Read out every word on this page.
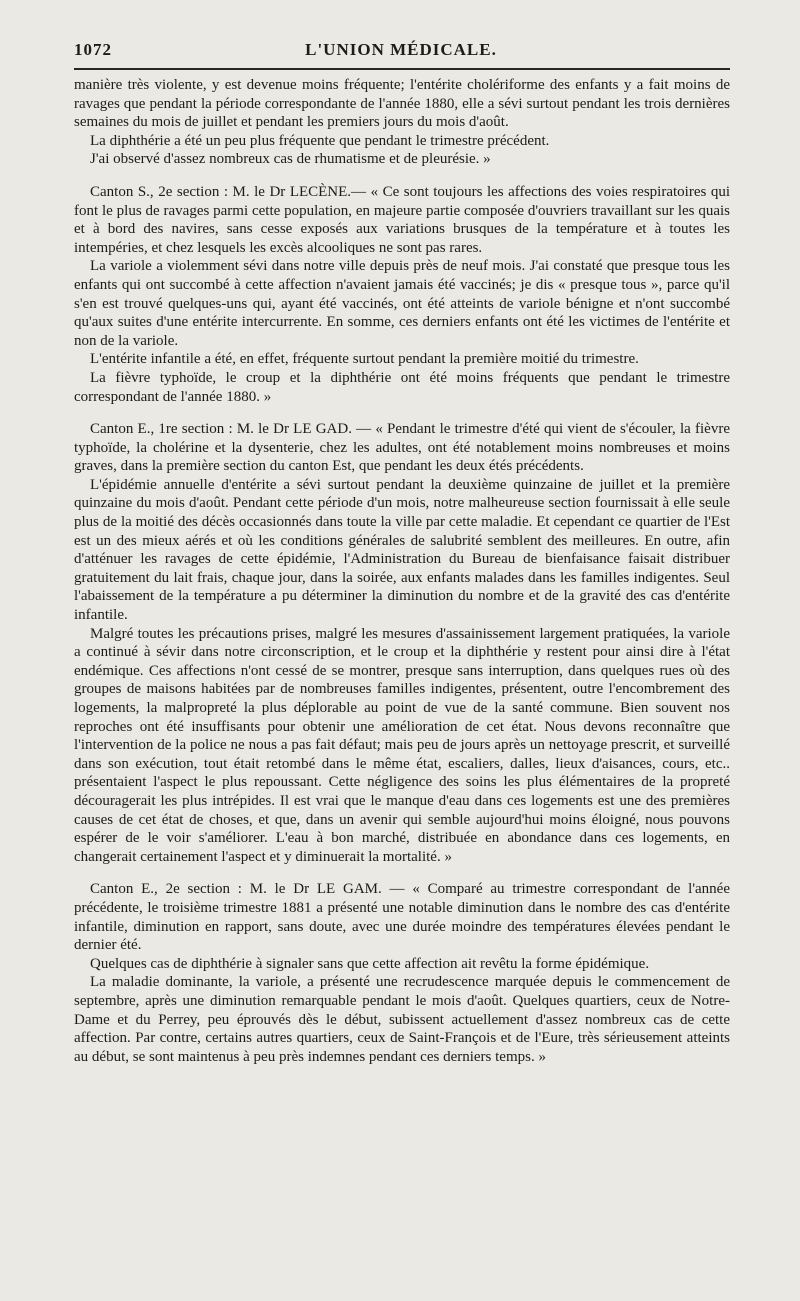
1072	L'UNION MÉDICALE.

manière très violente, y est devenue moins fréquente; l'entérite cholériforme des enfants y a fait moins de ravages que pendant la période correspondante de l'année 1880, elle a sévi surtout pendant les trois dernières semaines du mois de juillet et pendant les premiers jours du mois d'août.

La diphthérie a été un peu plus fréquente que pendant le trimestre précédent.

J'ai observé d'assez nombreux cas de rhumatisme et de pleurésie. »

Canton S., 2e section : M. le Dr LECÈNE.— « Ce sont toujours les affections des voies respiratoires qui font le plus de ravages parmi cette population, en majeure partie composée d'ouvriers travaillant sur les quais et à bord des navires, sans cesse exposés aux variations brusques de la température et à toutes les intempéries, et chez lesquels les excès alcooliques ne sont pas rares.

La variole a violemment sévi dans notre ville depuis près de neuf mois. J'ai constaté que presque tous les enfants qui ont succombé à cette affection n'avaient jamais été vaccinés; je dis « presque tous », parce qu'il s'en est trouvé quelques-uns qui, ayant été vaccinés, ont été atteints de variole bénigne et n'ont succombé qu'aux suites d'une entérite intercurrente. En somme, ces derniers enfants ont été les victimes de l'entérite et non de la variole.

L'entérite infantile a été, en effet, fréquente surtout pendant la première moitié du trimestre.

La fièvre typhoïde, le croup et la diphthérie ont été moins fréquents que pendant le trimestre correspondant de l'année 1880. »

Canton E., 1re section : M. le Dr LE GAD. — « Pendant le trimestre d'été qui vient de s'écouler, la fièvre typhoïde, la cholérine et la dysenterie, chez les adultes, ont été notablement moins nombreuses et moins graves, dans la première section du canton Est, que pendant les deux étés précédents.

L'épidémie annuelle d'entérite a sévi surtout pendant la deuxième quinzaine de juillet et la première quinzaine du mois d'août. Pendant cette période d'un mois, notre malheureuse section fournissait à elle seule plus de la moitié des décès occasionnés dans toute la ville par cette maladie. Et cependant ce quartier de l'Est est un des mieux aérés et où les conditions générales de salubrité semblent des meilleures. En outre, afin d'atténuer les ravages de cette épidémie, l'Administration du Bureau de bienfaisance faisait distribuer gratuitement du lait frais, chaque jour, dans la soirée, aux enfants malades dans les familles indigentes. Seul l'abaissement de la température a pu déterminer la diminution du nombre et de la gravité des cas d'entérite infantile.

Malgré toutes les précautions prises, malgré les mesures d'assainissement largement pratiquées, la variole a continué à sévir dans notre circonscription, et le croup et la diphthérie y restent pour ainsi dire à l'état endémique. Ces affections n'ont cessé de se montrer, presque sans interruption, dans quelques rues où des groupes de maisons habitées par de nombreuses familles indigentes, présentent, outre l'encombrement des logements, la malpropreté la plus déplorable au point de vue de la santé commune. Bien souvent nos reproches ont été insuffisants pour obtenir une amélioration de cet état. Nous devons reconnaître que l'intervention de la police ne nous a pas fait défaut; mais peu de jours après un nettoyage prescrit, et surveillé dans son exécution, tout était retombé dans le même état, escaliers, dalles, lieux d'aisances, cours, etc.. présentaient l'aspect le plus repoussant. Cette négligence des soins les plus élémentaires de la propreté découragerait les plus intrépides. Il est vrai que le manque d'eau dans ces logements est une des premières causes de cet état de choses, et que, dans un avenir qui semble aujourd'hui moins éloigné, nous pouvons espérer de le voir s'améliorer. L'eau à bon marché, distribuée en abondance dans ces logements, en changerait certainement l'aspect et y diminuerait la mortalité. »

Canton E., 2e section : M. le Dr LE GAM. — « Comparé au trimestre correspondant de l'année précédente, le troisième trimestre 1881 a présenté une notable diminution dans le nombre des cas d'entérite infantile, diminution en rapport, sans doute, avec une durée moindre des températures élevées pendant le dernier été.

Quelques cas de diphthérie à signaler sans que cette affection ait revêtu la forme épidémique.

La maladie dominante, la variole, a présenté une recrudescence marquée depuis le commencement de septembre, après une diminution remarquable pendant le mois d'août. Quelques quartiers, ceux de Notre-Dame et du Perrey, peu éprouvés dès le début, subissent actuellement d'assez nombreux cas de cette affection. Par contre, certains autres quartiers, ceux de Saint-François et de l'Eure, très sérieusement atteints au début, se sont maintenus à peu près indemnes pendant ces derniers temps. »
